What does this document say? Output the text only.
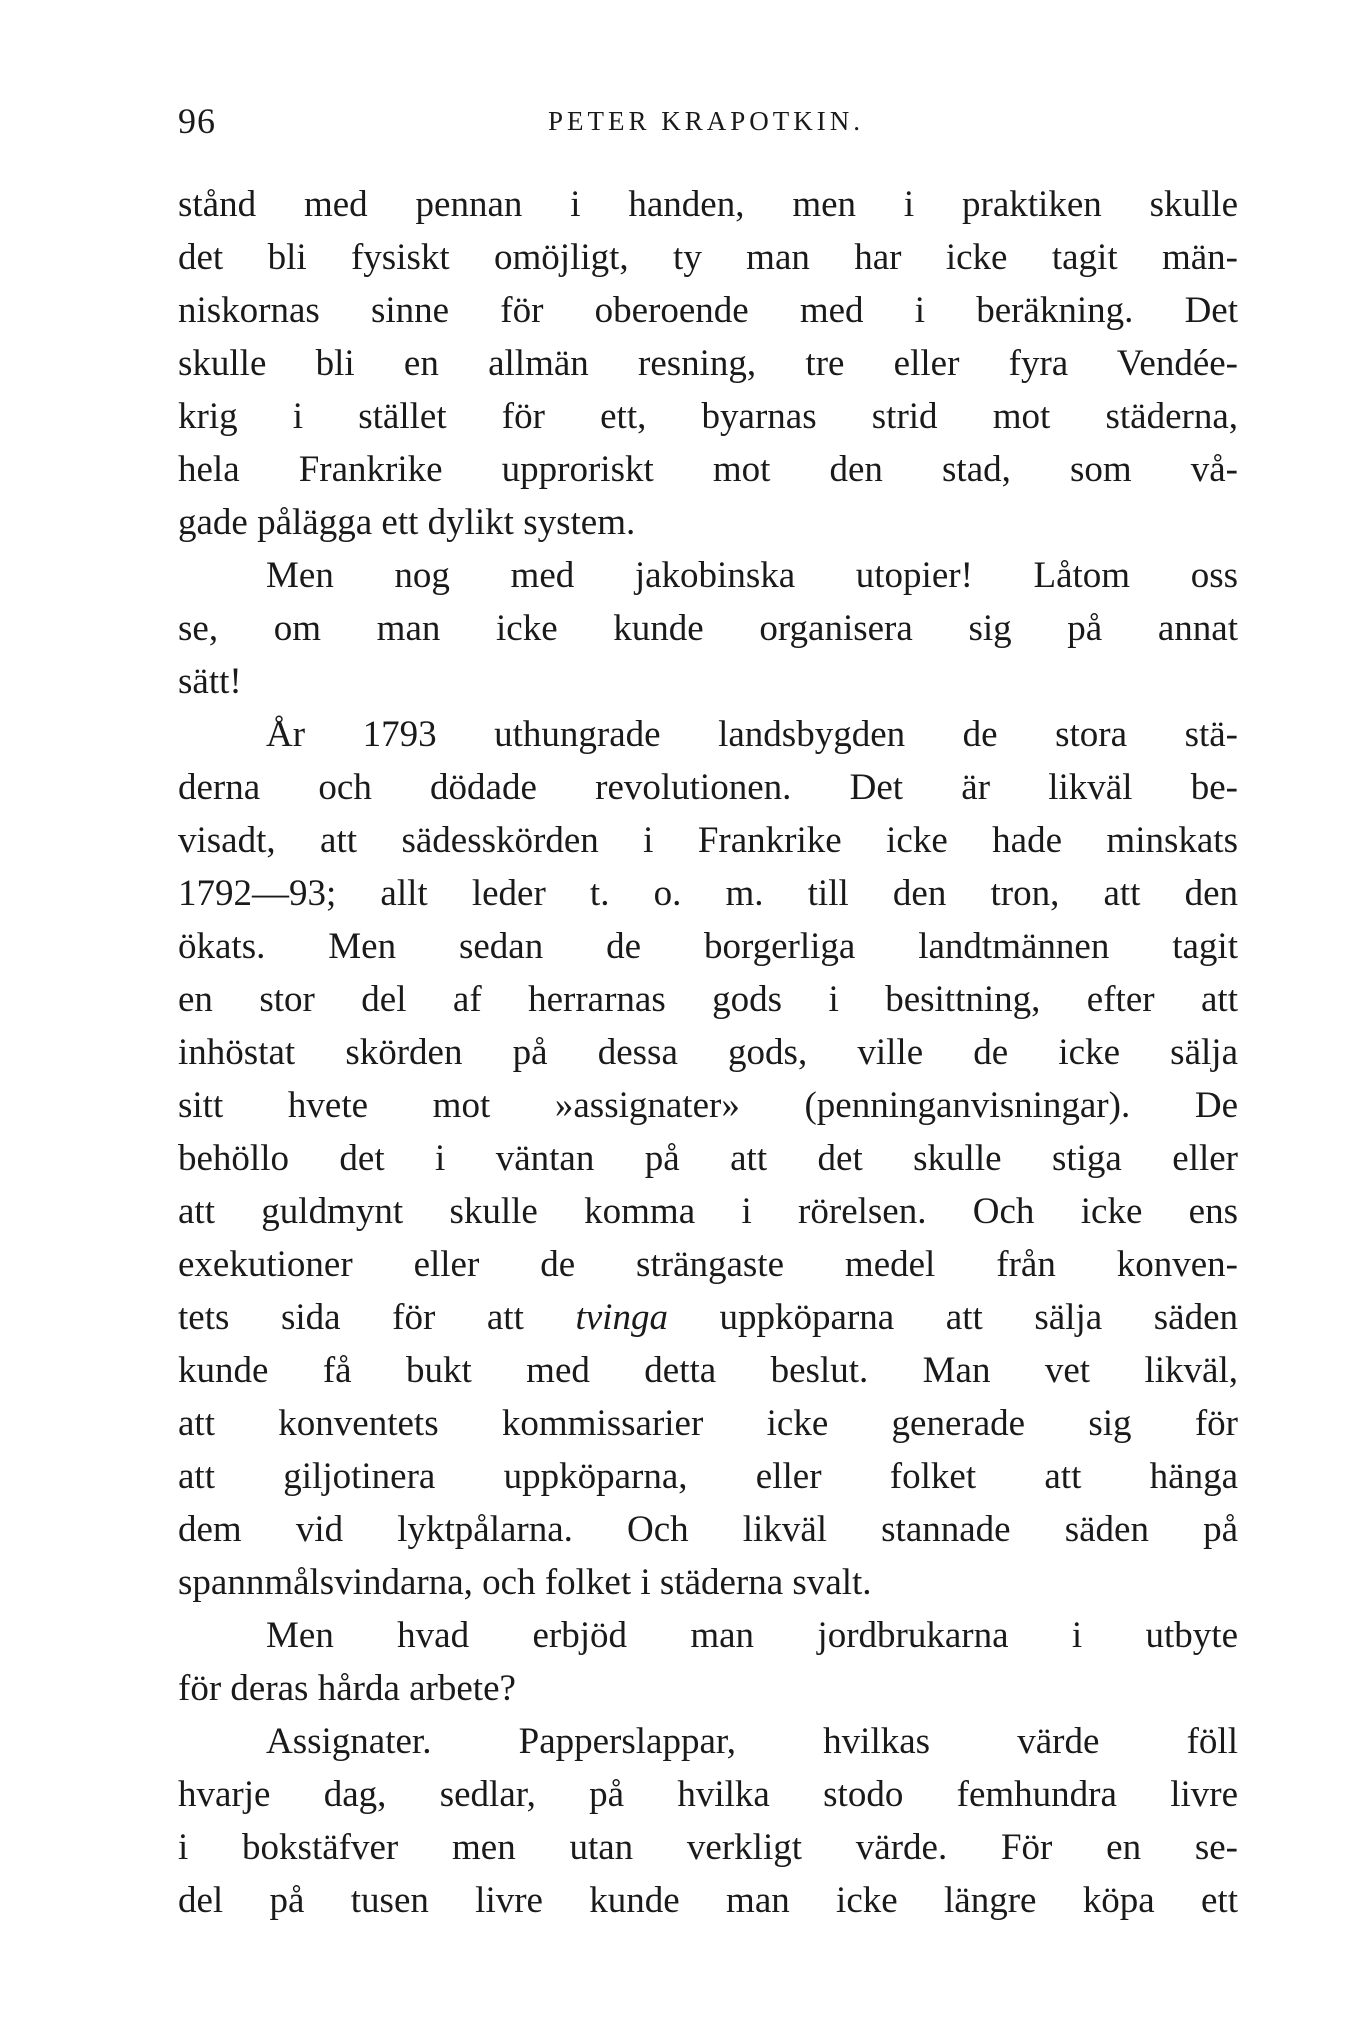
96	PETER KRAPOTKIN.
stånd med pennan i handen, men i praktiken skulle
det bli fysiskt omöjligt, ty man har icke tagit män-
niskornas sinne för oberoende med i beräkning. Det
skulle bli en allmän resning, tre eller fyra Vendée-
krig i stället för ett, byarnas strid mot städerna,
hela Frankrike upproriskt mot den stad, som vå-
gade pålägga ett dylikt system.
Men nog med jakobinska utopier! Låtom oss
se, om man icke kunde organisera sig på annat
sätt!
År 1793 uthungrade landsbygden de stora stä-
derna och dödade revolutionen. Det är likväl be-
visadt, att sädesskörden i Frankrike icke hade minskats
1792—93; allt leder t. o. m. till den tron, att den
ökats. Men sedan de borgerliga landtmännen tagit
en stor del af herrarnas gods i besittning, efter att
inhöstat skörden på dessa gods, ville de icke sälja
sitt hvete mot »assignater» (penninganvisningar). De
behöllo det i väntan på att det skulle stiga eller
att guldmynt skulle komma i rörelsen. Och icke ens
exekutioner eller de strängaste medel från konven-
tets sida för att tvinga uppköparna att sälja säden
kunde få bukt med detta beslut. Man vet likväl,
att konventets kommissarier icke generade sig för
att giljotinera uppköparna, eller folket att hänga
dem vid lyktpålarna. Och likväl stannade säden på
spannmålsvindarna, och folket i städerna svalt.
Men hvad erbjöd man jordbrukarna i utbyte
för deras hårda arbete?
Assignater. Papperslappar, hvilkas värde föll
hvarje dag, sedlar, på hvilka stodo femhundra livre
i bokstäfver men utan verkligt värde. För en se-
del på tusen livre kunde man icke längre köpa ett
